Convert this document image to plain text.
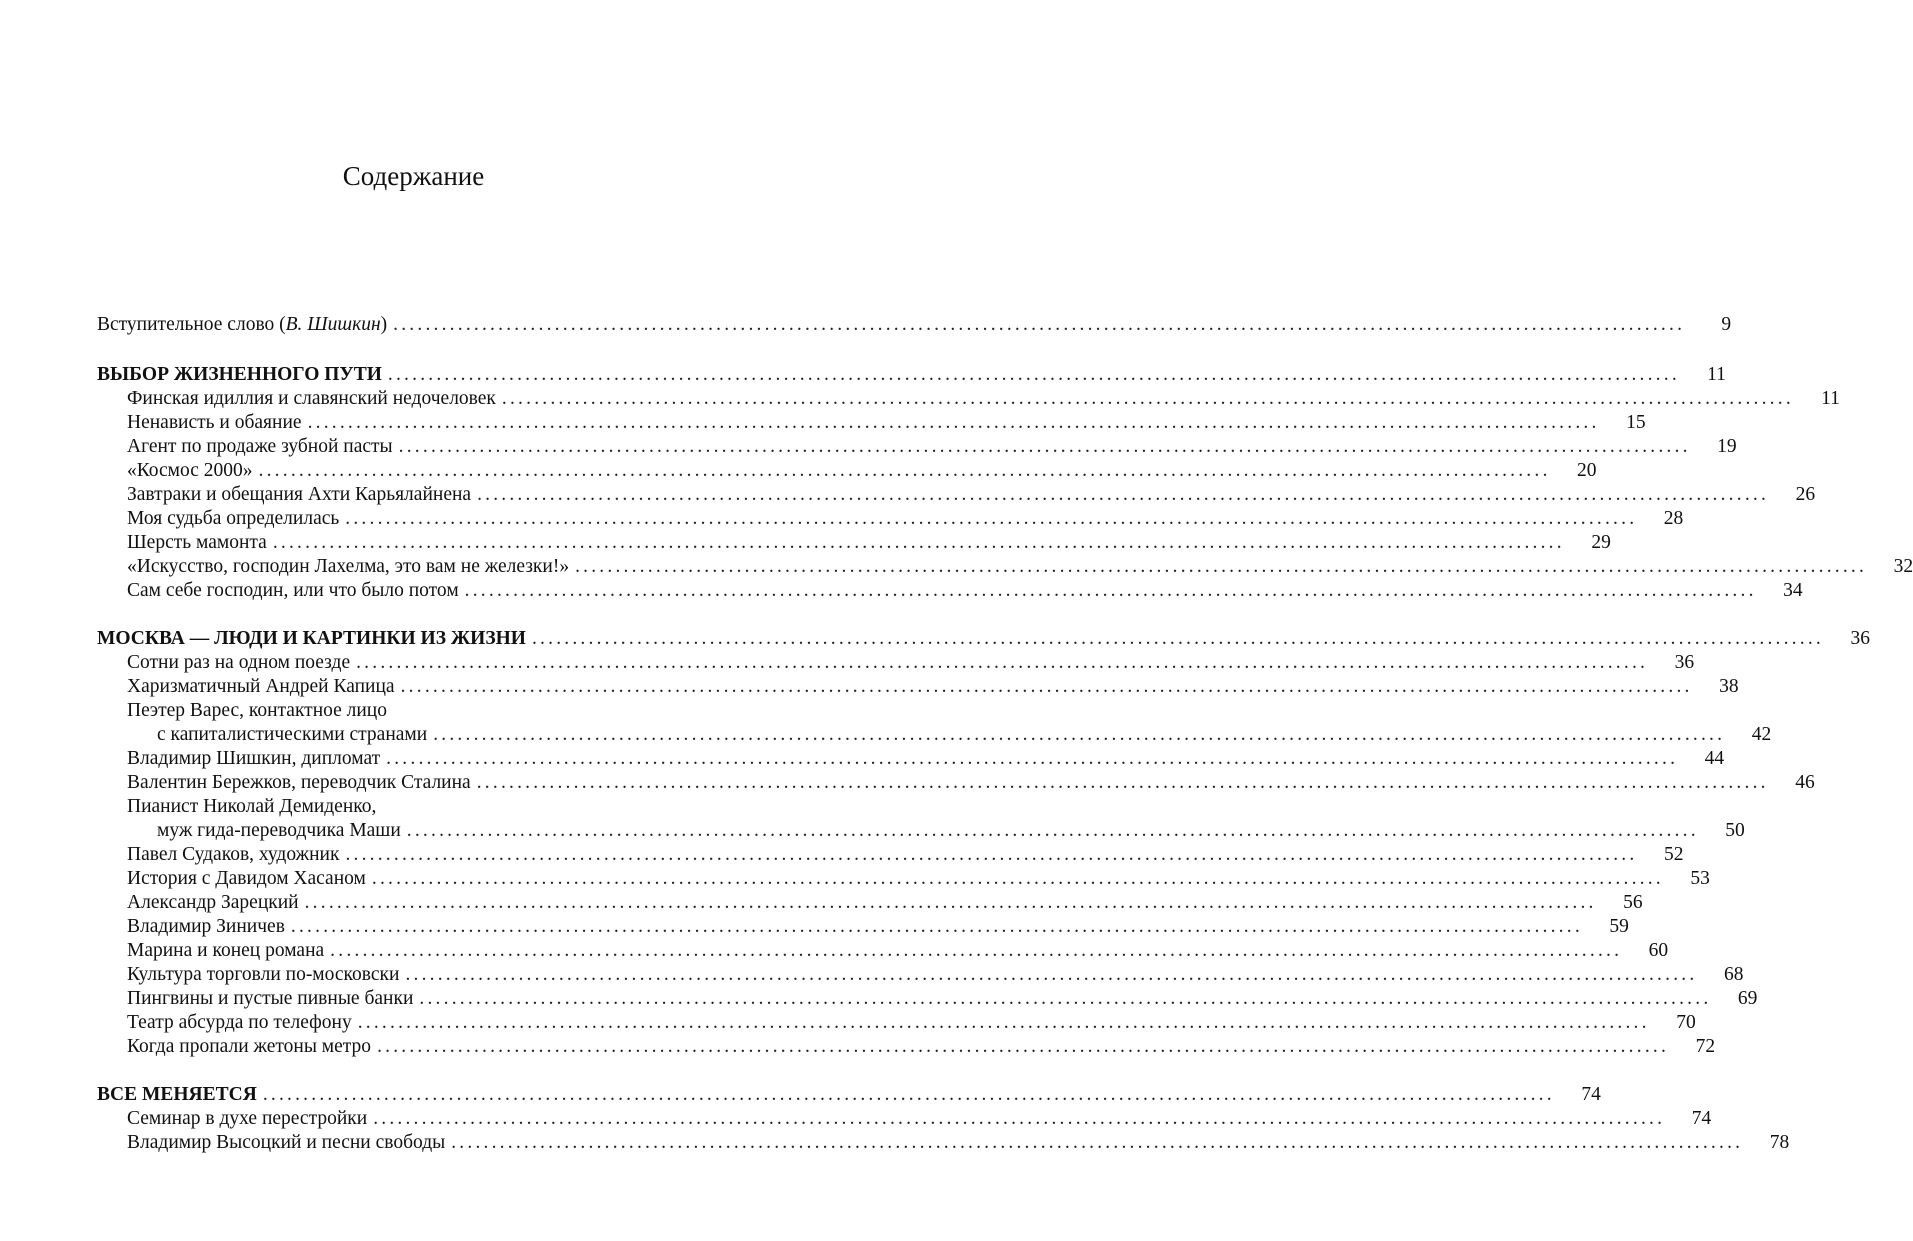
Содержание
Вступительное слово (В. Шишкин) ................................................................................................................................................................	9
ВЫБОР ЖИЗНЕННОГО ПУТИ ................................................................................................................................................................	11
Финская идиллия и славянский недочеловек ................................................................................................................................................................	11
Ненависть и обаяние ................................................................................................................................................................	15
Агент по продаже зубной пасты ................................................................................................................................................................	19
«Космос 2000» ................................................................................................................................................................	20
Завтраки и обещания Ахти Карьялайнена ................................................................................................................................................................	26
Моя судьба определилась ................................................................................................................................................................	28
Шерсть мамонта ................................................................................................................................................................	29
«Искусство, господин Лахелма, это вам не железки!» ................................................................................................................................................................	32
Сам себе господин, или что было потом ................................................................................................................................................................	34
МОСКВА — ЛЮДИ И КАРТИНКИ ИЗ ЖИЗНИ ................................................................................................................................................................	36
Сотни раз на одном поезде ................................................................................................................................................................	36
Харизматичный Андрей Капица ................................................................................................................................................................	38
Пеэтер Варес, контактное лицо
с капиталистическими странами ................................................................................................................................................................	42
Владимир Шишкин, дипломат ................................................................................................................................................................	44
Валентин Бережков, переводчик Сталина ................................................................................................................................................................	46
Пианист Николай Демиденко,
муж гида-переводчика Маши ................................................................................................................................................................	50
Павел Судаков, художник ................................................................................................................................................................	52
История с Давидом Хасаном ................................................................................................................................................................	53
Александр Зарецкий ................................................................................................................................................................	56
Владимир Зиничев ................................................................................................................................................................	59
Марина и конец романа ................................................................................................................................................................	60
Культура торговли по-московски ................................................................................................................................................................	68
Пингвины и пустые пивные банки ................................................................................................................................................................	69
Театр абсурда по телефону ................................................................................................................................................................	70
Когда пропали жетоны метро ................................................................................................................................................................	72
ВСЕ МЕНЯЕТСЯ ................................................................................................................................................................	74
Семинар в духе перестройки ................................................................................................................................................................	74
Владимир Высоцкий и песни свободы ................................................................................................................................................................	78
